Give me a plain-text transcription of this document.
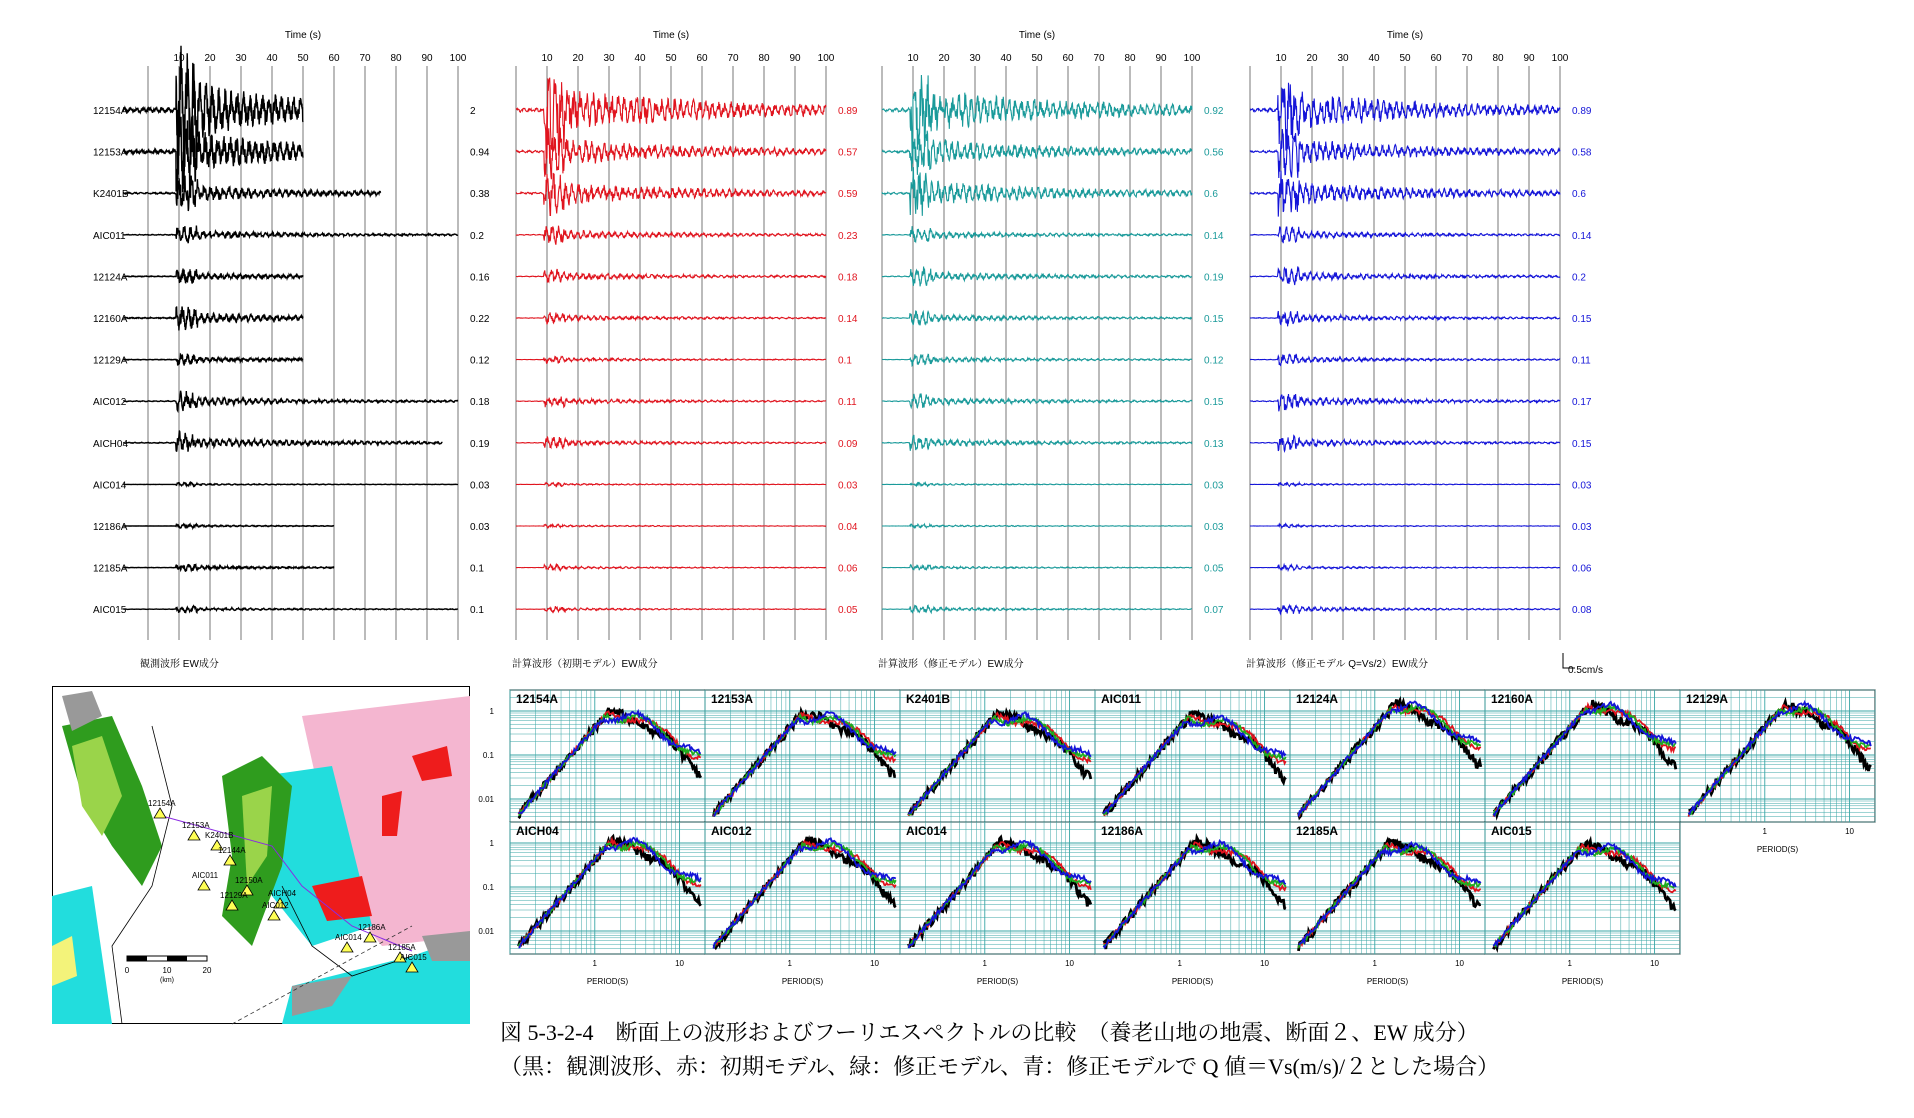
Time (s)
10 20 30 40 50 60 70 80 90 100
観測波形 EW成分
12154A	2
12153A	0.94
K2401B	0.38
AIC011	0.2
12124A	0.16
12160A	0.22
12129A	0.12
AIC012	0.18
AICH04	0.19
AIC014	0.03
12186A	0.03
12185A	0.1
AIC015	0.1
Time (s)
10 20 30 40 50 60 70 80 90 100
計算波形（初期モデル）EW成分
0.89
0.57
0.59
0.23
0.18
0.14
0.1
0.11
0.09
0.03
0.04
0.06
0.05
Time (s)
10 20 30 40 50 60 70 80 90 100
計算波形（修正モデル）EW成分
0.92
0.56
0.6
0.14
0.19
0.15
0.12
0.15
0.13
0.03
0.03
0.05
0.07
Time (s)
10 20 30 40 50 60 70 80 90 100
計算波形（修正モデル Q=Vs/2）EW成分
0.89
0.58
0.6
0.14
0.2
0.15
0.11
0.17
0.15
0.03
0.03
0.06
0.08
0.5cm/s
12154A
12153A
K2401B
12144A
AIC011
12150A
AICH04
12129A
AIC012
12186A
AIC014
12185A
AIC015
0	10	20
(km)
12154A
1
0.1
0.01
12153A	K2401B	AIC011	12124A	12160A	12129A
1	10
PERIOD(S)
AICH04
1
0.1
0.01
1	10
PERIOD(S)
AIC012
1	10
PERIOD(S)
AIC014
1	10
PERIOD(S)
12186A
1	10
PERIOD(S)
12185A
1	10
PERIOD(S)
AIC015
1	10
PERIOD(S)
図 5-3-2-4　断面上の波形およびフーリエスペクトルの比較　（養老山地の地震、断面２、EW 成分）
（黒：観測波形、赤：初期モデル、緑：修正モデル、青：修正モデルで Q 値＝Vs(m/s)/２とした場合）
